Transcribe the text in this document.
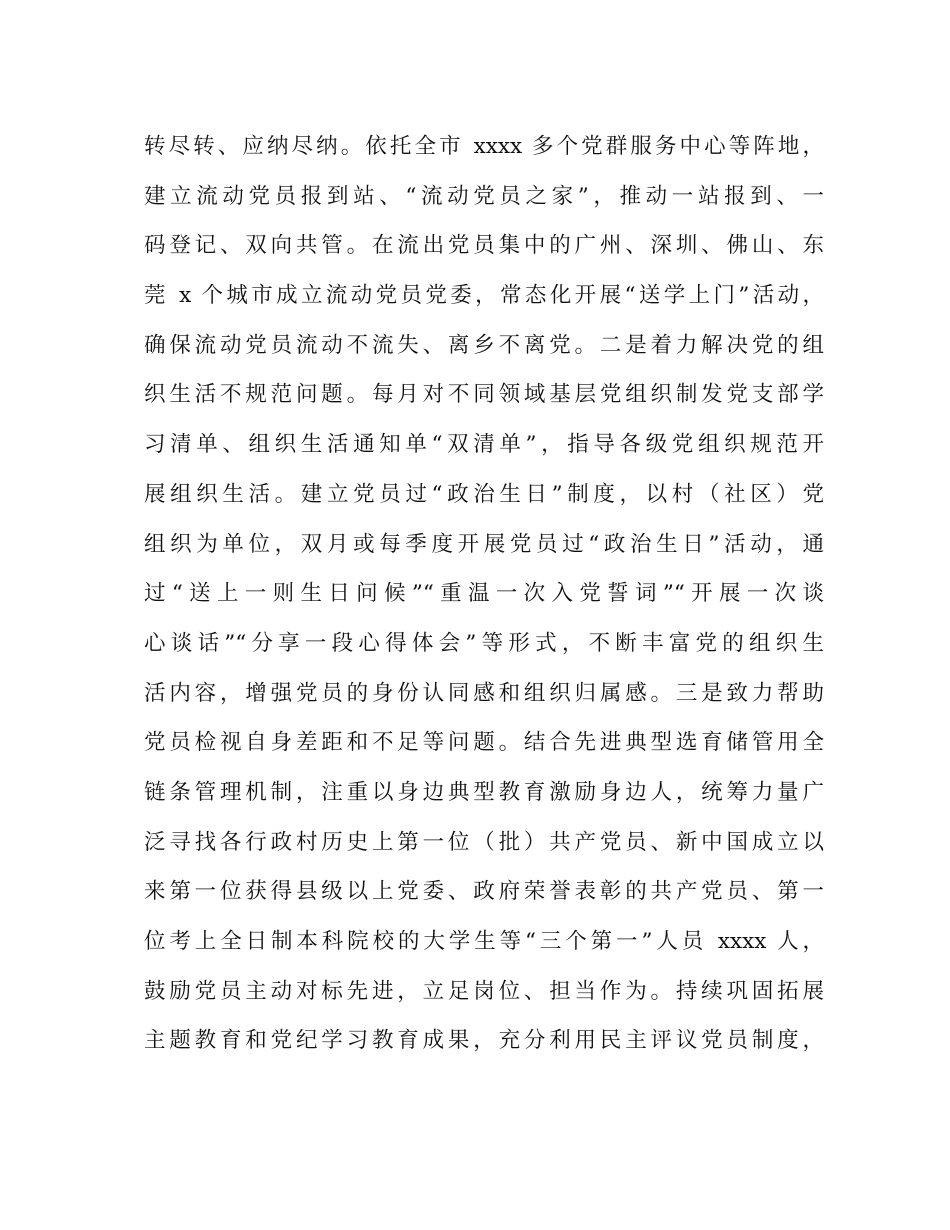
转尽转、应纳尽纳。依托全市 xxxx 多个党群服务中心等阵地，
建立流动党员报到站、“流动党员之家”，推动一站报到、一
码登记、双向共管。在流出党员集中的广州、深圳、佛山、东
莞 x 个城市成立流动党员党委，常态化开展“送学上门”活动，
确保流动党员流动不流失、离乡不离党。二是着力解决党的组
织生活不规范问题。每月对不同领域基层党组织制发党支部学
习清单、组织生活通知单“双清单”，指导各级党组织规范开
展组织生活。建立党员过“政治生日”制度，以村（社区）党
组织为单位，双月或每季度开展党员过“政治生日”活动，通
过“送上一则生日问候”“重温一次入党誓词”“开展一次谈
心谈话”“分享一段心得体会”等形式，不断丰富党的组织生
活内容，增强党员的身份认同感和组织归属感。三是致力帮助
党员检视自身差距和不足等问题。结合先进典型选育储管用全
链条管理机制，注重以身边典型教育激励身边人，统筹力量广
泛寻找各行政村历史上第一位（批）共产党员、新中国成立以
来第一位获得县级以上党委、政府荣誉表彰的共产党员、第一
位考上全日制本科院校的大学生等“三个第一”人员 xxxx 人，
鼓励党员主动对标先进，立足岗位、担当作为。持续巩固拓展
主题教育和党纪学习教育成果，充分利用民主评议党员制度，
